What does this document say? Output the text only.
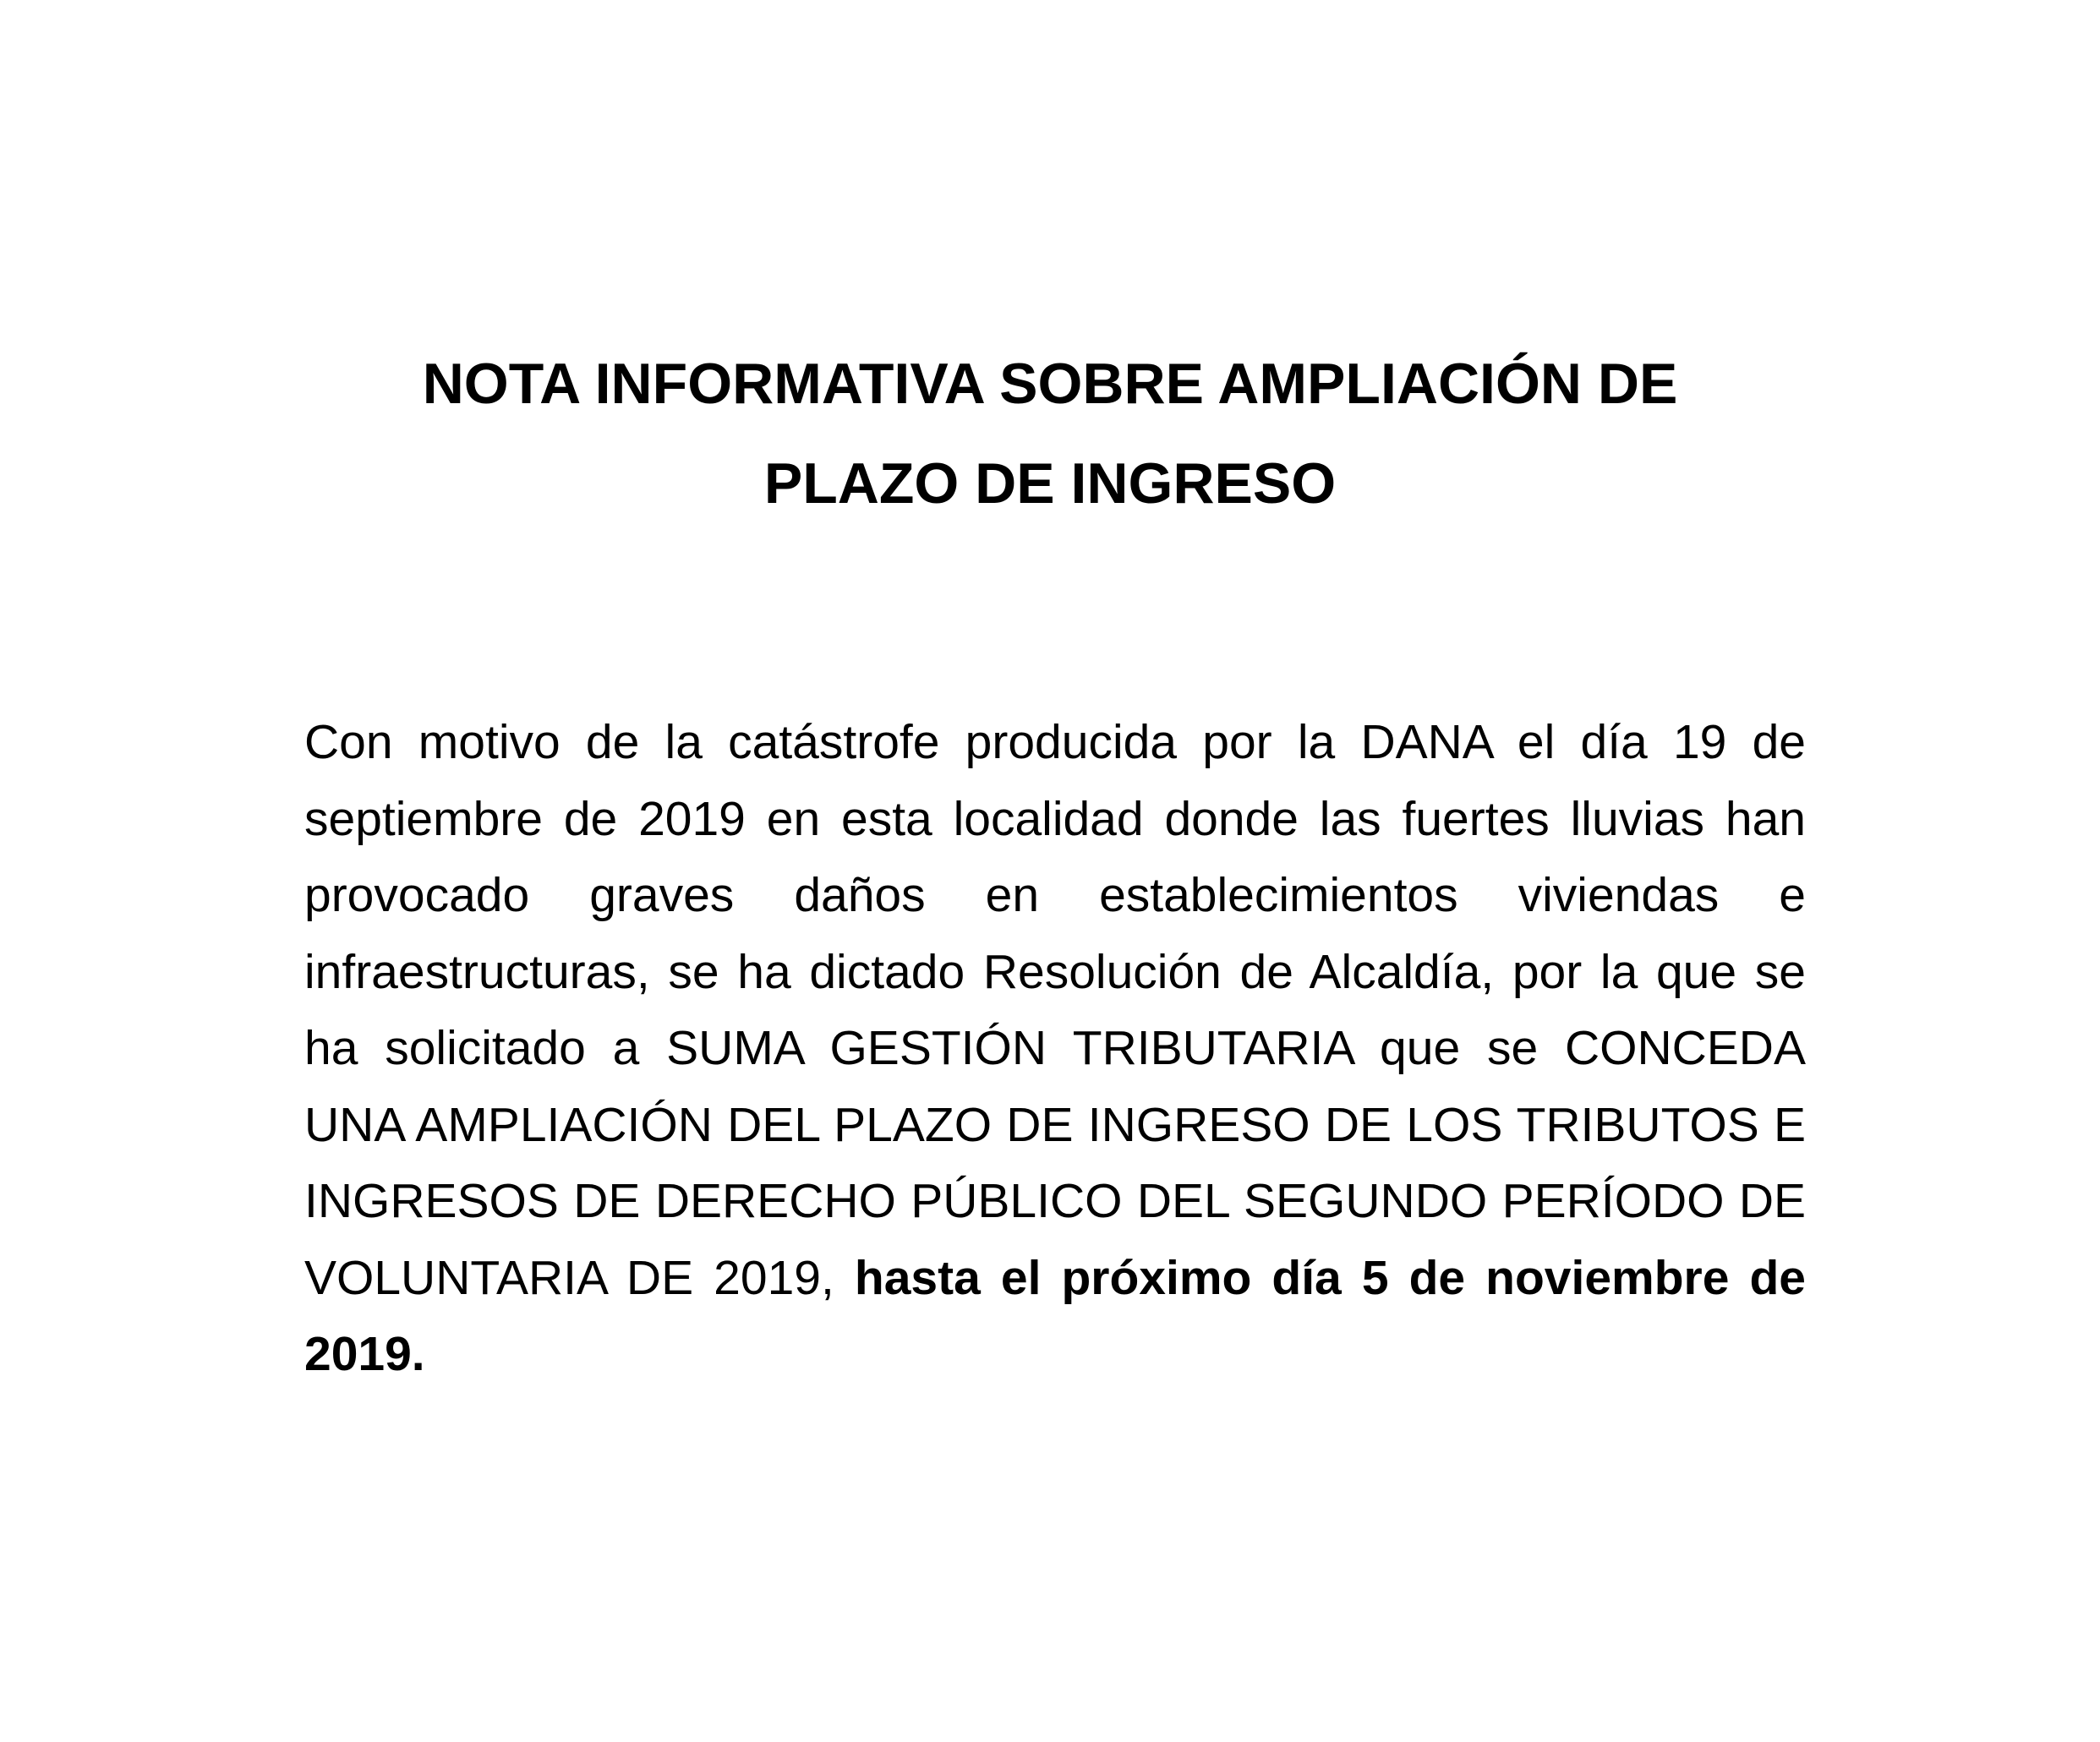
NOTA INFORMATIVA SOBRE AMPLIACIÓN DE
PLAZO DE INGRESO

Con motivo de la catástrofe producida por la DANA el día 19 de septiembre de 2019 en esta localidad donde las fuertes lluvias han provocado graves daños en establecimientos viviendas e infraestructuras, se ha dictado Resolución de Alcaldía, por la que se ha solicitado a SUMA GESTIÓN TRIBUTARIA que se CONCEDA UNA AMPLIACIÓN DEL PLAZO DE INGRESO DE LOS TRIBUTOS E INGRESOS DE DERECHO PÚBLICO DEL SEGUNDO PERÍODO DE VOLUNTARIA DE 2019, hasta el próximo día 5 de noviembre de 2019.
